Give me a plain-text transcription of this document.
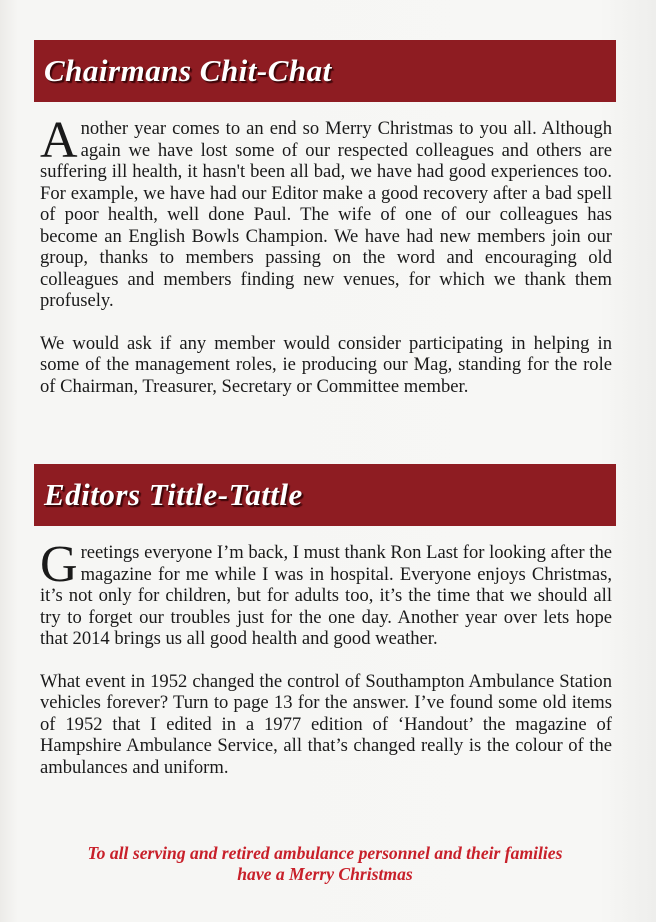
Chairmans Chit-Chat

Another year comes to an end so Merry Christmas to you all. Although again we have lost some of our respected colleagues and others are suffering ill health, it hasn't been all bad, we have had good experiences too. For example, we have had our Editor make a good recovery after a bad spell of poor health, well done Paul. The wife of one of our colleagues has become an English Bowls Champion. We have had new members join our group, thanks to members passing on the word and encouraging old colleagues and members finding new venues, for which we thank them profusely.

We would ask if any member would consider participating in helping in some of the management roles, ie producing our Mag, standing for the role of Chairman, Treasurer, Secretary or Committee member.

Editors Tittle-Tattle

Greetings everyone I’m back, I must thank Ron Last for looking after the magazine for me while I was in hospital. Everyone enjoys Christmas, it’s not only for children, but for adults too, it’s the time that we should all try to forget our troubles just for the one day. Another year over lets hope that 2014 brings us all good health and good weather.

What event in 1952 changed the control of Southampton Ambulance Station vehicles forever? Turn to page 13 for the answer. I’ve found some old items of 1952 that I edited in a 1977 edition of ‘Handout’ the magazine of Hampshire Ambulance Service, all that’s changed really is the colour of the ambulances and uniform.

To all serving and retired ambulance personnel and their families
have a Merry Christmas
